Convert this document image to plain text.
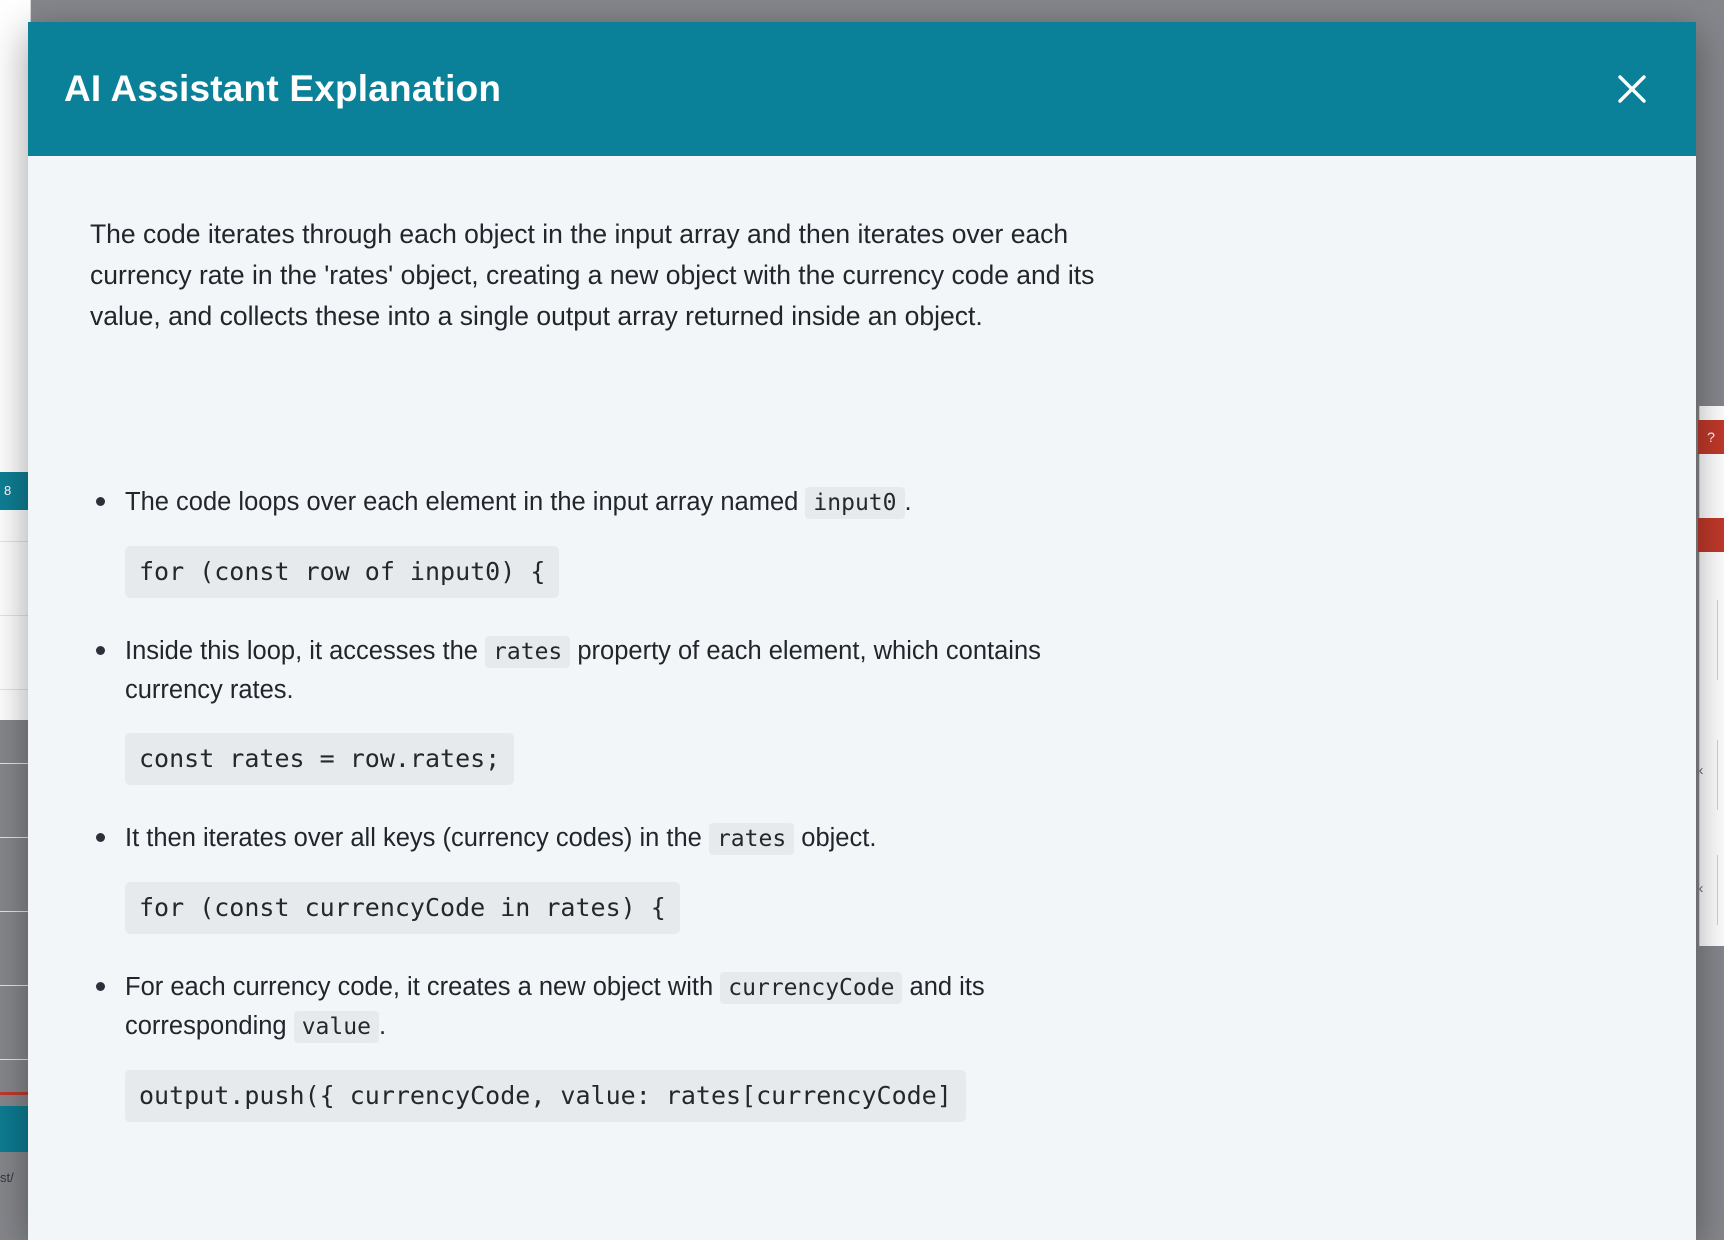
8
st/
?
‹
‹
AI Assistant Explanation

The code iterates through each object in the input array and then iterates over each currency rate in the 'rates' object, creating a new object with the currency code and its value, and collects these into a single output array returned inside an object.

The code loops over each element in the input array named input0 .
for (const row of input0) {
Inside this loop, it accesses the rates property of each element, which contains currency rates.
const rates = row.rates;
It then iterates over all keys (currency codes) in the rates object.
for (const currencyCode in rates) {
For each currency code, it creates a new object with currencyCode and its corresponding value .
output.push({ currencyCode, value: rates[currencyCode]
